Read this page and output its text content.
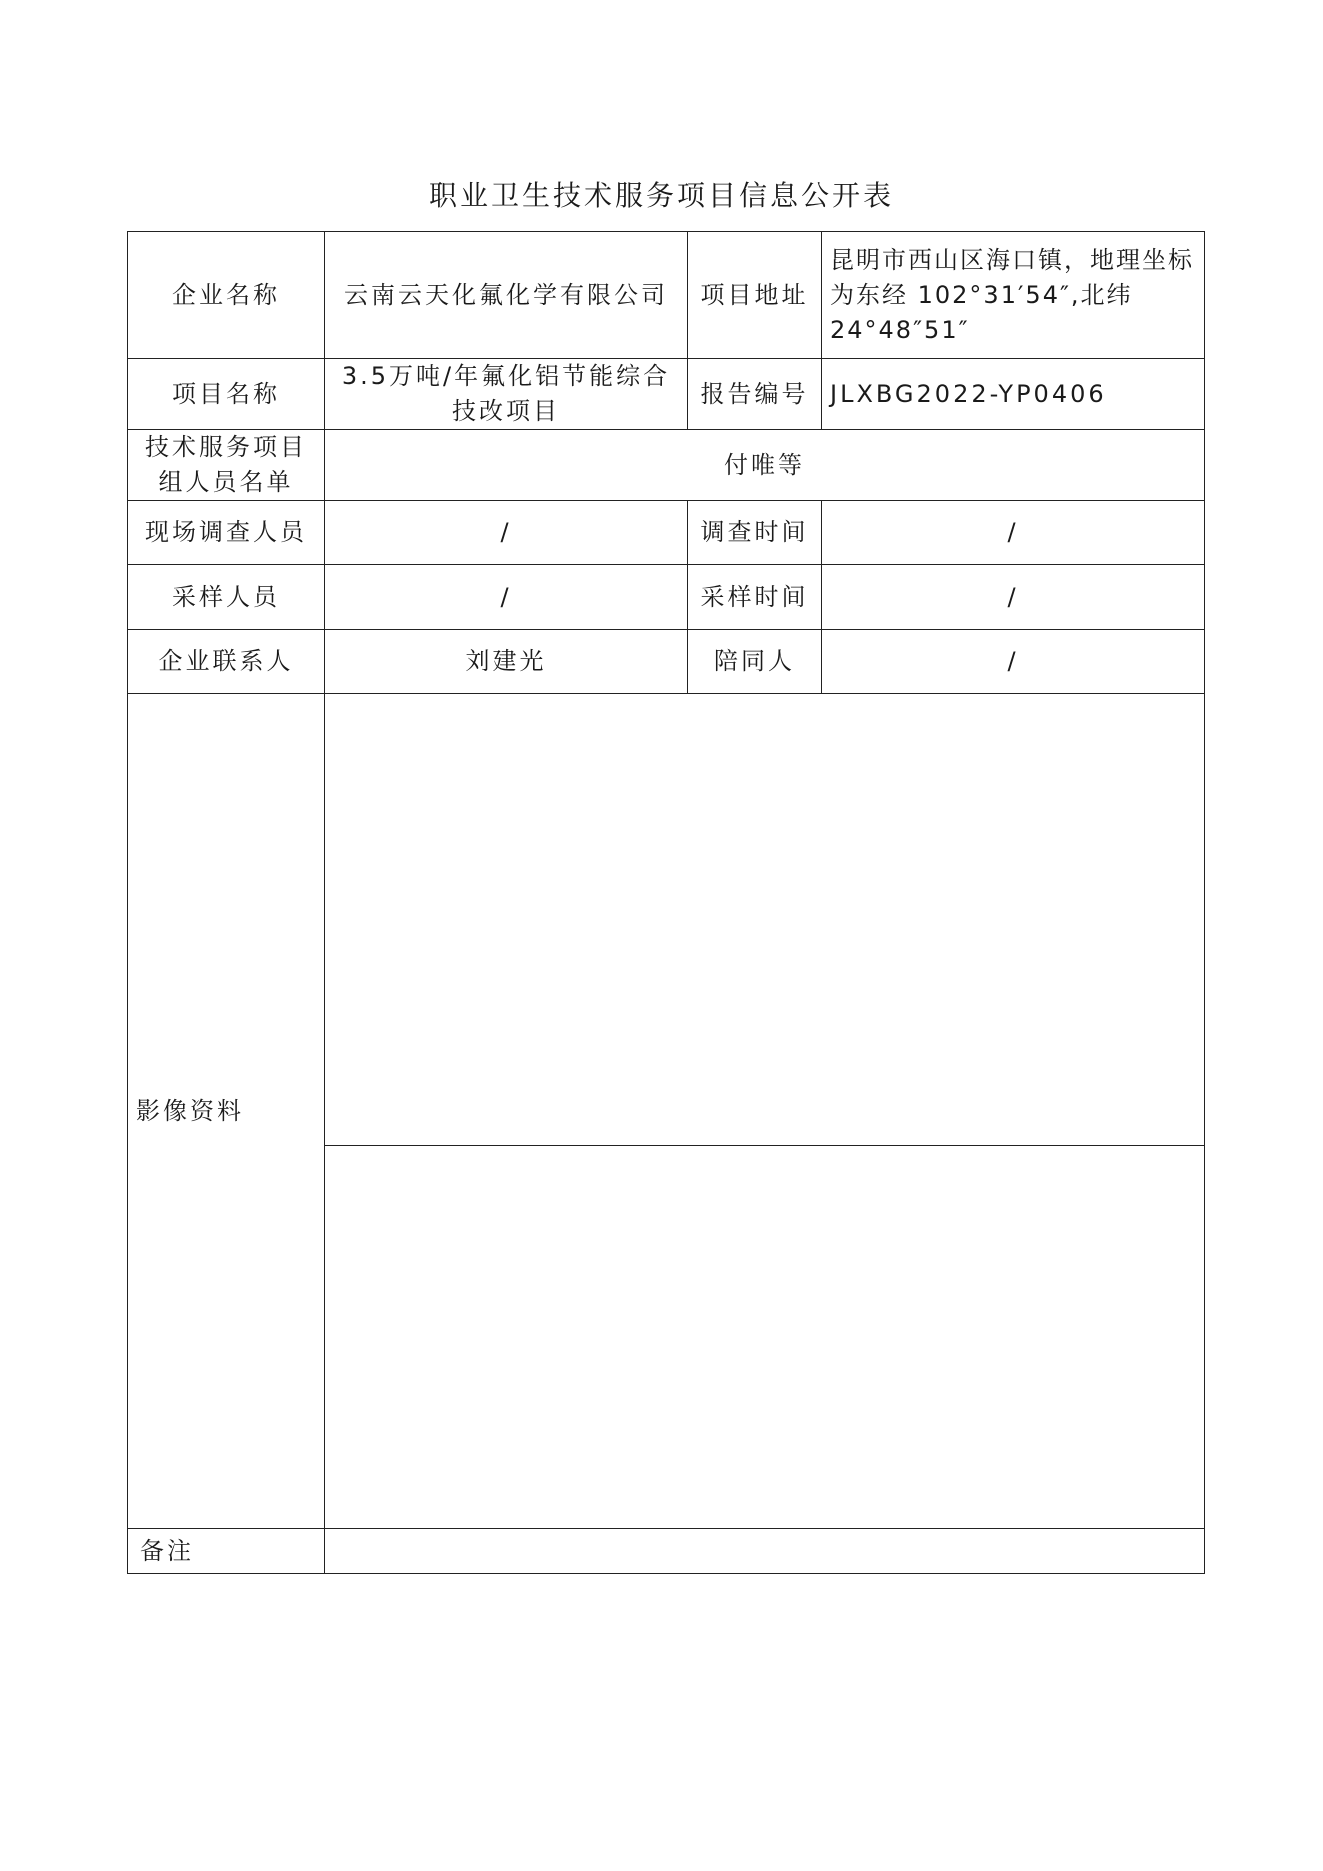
职业卫生技术服务项目信息公开表
企业名称	云南云天化氟化学有限公司	项目地址	昆明市西山区海口镇，地理坐标为东经 102°31′54″,北纬 24°48″51″
项目名称	3.5万吨/年氟化铝节能综合技改项目	报告编号	JLXBG2022-YP0406
技术服务项目组人员名单	付唯等		
现场调查人员	/	调查时间	/
采样人员	/	采样时间	/
企业联系人	刘建光	陪同人	/
影像资料			

备注			
